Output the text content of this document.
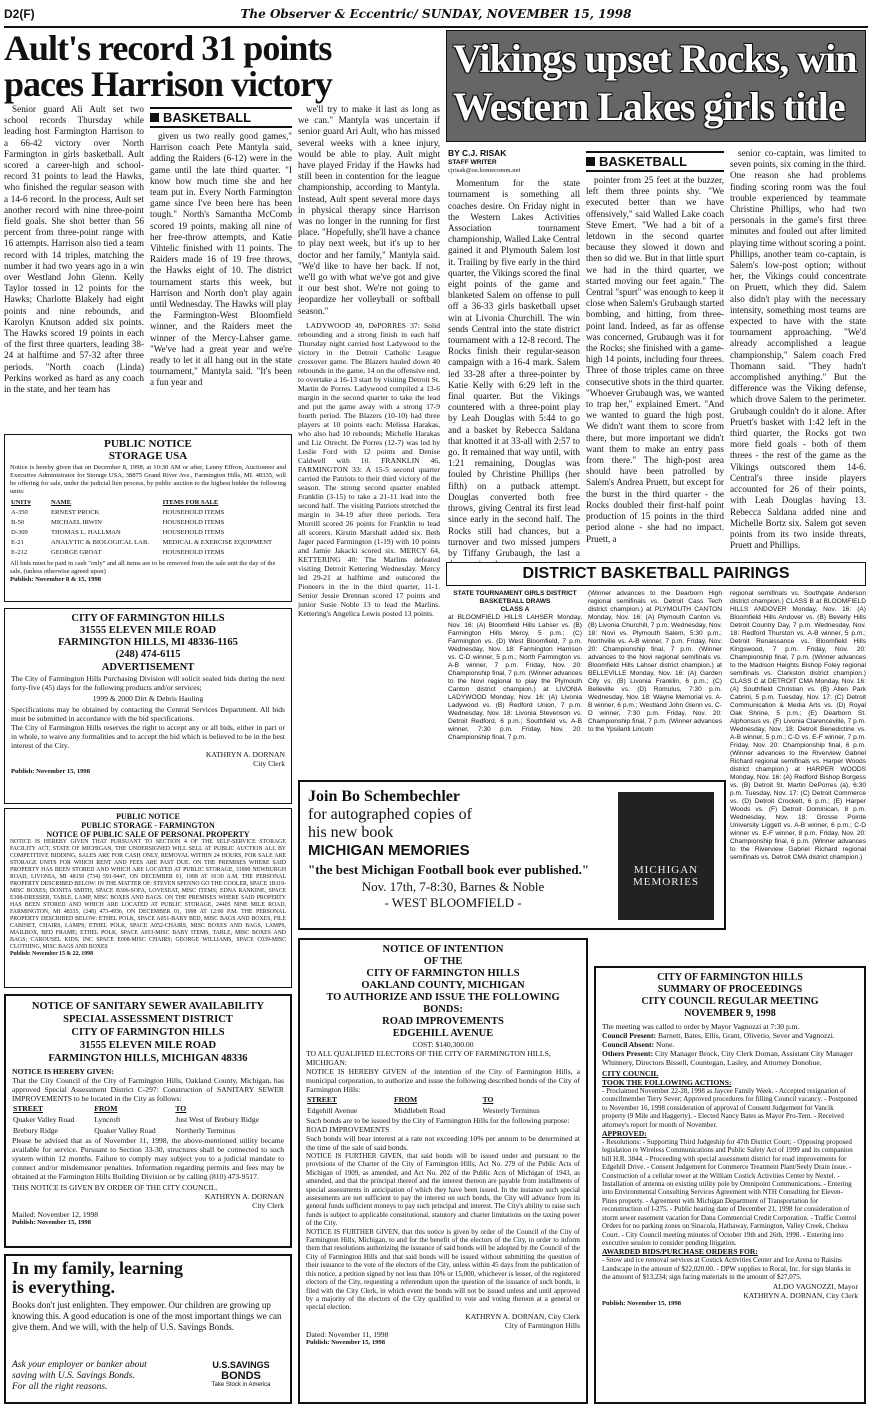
D2(F)	The Observer & Eccentric/ SUNDAY, NOVEMBER 15, 1998
Ault's record 31 points
paces Harrison victory

Senior guard Ali Ault set two school records Thursday while leading host Farmington Harrison to a 66-42 victory over North Farmington in girls basketball. Ault scored a career-high and school-record 31 points to lead the Hawks, who finished the regular season with a 14-6 record. In the process, Ault set another record with nine three-point field goals. She shot better than 56 percent from three-point range with 16 attempts. Harrison also tied a team record with 14 triples, matching the number it had two years ago in a win over Westland John Glenn. Kelly Taylor tossed in 12 points for the Hawks; Charlotte Blakely had eight points and nine rebounds, and Karolyn Knutson added six points. The Hawks scored 19 points in each of the first three quarters, leading 38-24 at halftime and 57-32 after three periods. "North coach (Linda) Perkins worked as hard as any coach in the state, and her team has

BASKETBALL

given us two really good games," Harrison coach Pete Mantyla said, adding the Raiders (6-12) were in the game until the late third quarter. "I know how much time she and her team put in. Every North Farmington game since I've been here has been tough." North's Samantha McComb scored 19 points, making all nine of her free-throw attempts, and Katie Vihtelic finished with 11 points. The Raiders made 16 of 19 free throws, the Hawks eight of 10. The district tournament starts this week, but Harrison and North don't play again until Wednesday. The Hawks will play the Farmington-West Bloomfield winner, and the Raiders meet the winner of the Mercy-Lahser game. "We've had a great year and we're ready to let it all hang out in the state tournament," Mantyla said. "It's been a fun year and

we'll try to make it last as long as we can." Mantyla was uncertain if senior guard Ari Ault, who has missed several weeks with a knee injury, would be able to play. Ault might have played Friday if the Hawks had still been in contention for the league championship, according to Mantyla. Instead, Ault spent several more days in physical therapy since Harrison was no longer in the running for first place. "Hopefully, she'll have a chance to play next week, but it's up to her doctor and her family," Mantyla said. "We'd like to have her back. If not, we'll go with what we've got and give it our best shot. We're not going to jeopardize her volleyball or softball season."

LADYWOOD 49, DePORRES 37: Solid rebounding and a strong finish in each half Thursday night carried host Ladywood to the victory in the Detroit Catholic League crossover game. The Blazers hauled down 40 rebounds in the game, 14 on the offensive end, to overtake a 16-13 start by visiting Detroit St. Martin de Porres. Ladywood compiled a 13-6 margin in the second quarter to take the lead and put the game away with a strong 17-9 fourth period. The Blazers (10-10) had three players at 10 points each: Melissa Harakas, who also had 10 rebounds; Michelle Harakas and Liz Otrecht. De Porres (12-7) was led by Leslie Ford with 12 points and Denise Caldwell with 10. FRANKLIN 46, FARMINGTON 33: A 15-5 second quarter carried the Patriots to their third victory of the season. The strong second quarter enabled Franklin (3-15) to take a 21-11 lead into the second half. The visiting Patriots stretched the margin to 34-19 after three periods. Tera Morrill scored 26 points for Franklin to lead all scorers. Kirstin Marshall added six. Beth Jager paced Farmington (1-19) with 10 points and Jamie Jakacki scored six. MERCY 64, KETTERING 40: The Marlins defeated visiting Detroit Kettering Wednesday. Mercy led 29-21 at halftime and outscored the Pioneers in the in the third quarter, 11-1. Senior Jessie Drennan scored 17 points and junior Susie Noble 13 to lead the Marlins. Kettering's Angelica Lewis posted 13 points.

Vikings upset Rocks, win
Western Lakes girls title
BY C.J. RISAK
STAFF WRITER
cjrisak@oe.homecomm.net

Momentum for the state tournament is something all coaches desire. On Friday night in the Western Lakes Activities Association tournament championship, Walled Lake Central gained it and Plymouth Salem lost it. Trailing by five early in the third quarter, the Vikings scored the final eight points of the game and blanketed Salem on offense to pull off a 36-33 girls basketball upset win at Livonia Churchill. The win sends Central into the state district tournament with a 12-8 record. The Rocks finish their regular-season campaign with a 16-4 mark. Salem led 33-28 after a three-pointer by Katie Kelly with 6:29 left in the final quarter. But the Vikings countered with a three-point play by Leah Douglas with 5:44 to go and a basket by Rebecca Saldana that knotted it at 33-all with 2:57 to go. It remained that way until, with 1:21 remaining, Douglas was fouled by Christine Phillips (her fifth) on a putback attempt. Douglas converted both free throws, giving Central its first lead since early in the second half. The Rocks still had chances, but a turnover and two missed jumpers by Tiffany Grubaugh, the last a

BASKETBALL

pointer from 25 feet at the buzzer, left them three points shy. "We executed better than we have offensively," said Walled Lake coach Steve Emert. "We had a bit of a letdown in the second quarter because they slowed it down and then so did we. But in that little spurt we had in the third quarter, we started moving our feet again." The Central "spurt" was enough to keep it close when Salem's Grubaugh started bombing, and hitting, from three-point land. Indeed, as far as offense was concerned, Grubaugh was it for the Rocks; she finished with a game-high 14 points, including four threes. Three of those triples came on three consecutive shots in the third quarter. "Whoever Grubaugh was, we wanted to trap her," explained Emert. "And we wanted to guard the high post. We didn't want them to score from there, but more important we didn't want them to make an entry pass from there." The high-post area should have been patrolled by Salem's Andrea Pruett, but except for the burst in the third quarter - the Rocks doubled their first-half point production of 15 points in the third period alone - she had no impact. Pruett, a

senior co-captain, was limited to seven points, six coming in the third. One reason she had problems finding scoring room was the foul trouble experienced by teammate Christine Phillips, who had two personals in the game's first three minutes and fouled out after limited playing time without scoring a point. Phillips, another team co-captain, is Salem's low-post option; without her, the Vikings could concentrate on Pruett, which they did. Salem also didn't play with the necessary intensity, something most teams are expected to have with the state tournament approaching. "We'd already accomplished a league championship," Salem coach Fred Thomann said. "They hadn't accomplished anything." But the difference was the Viking defense, which drove Salem to the perimeter. Grubaugh couldn't do it alone. After Pruett's basket with 1:42 left in the third quarter, the Rocks got two more field goals - both of them threes - the rest of the game as the Vikings outscored them 14-6. Central's three inside players accounted for 26 of their points, with Leah Douglas having 13. Rebecca Saldana added nine and Michelle Bortz six. Salem got seven points from its two inside threats, Pruett and Phillips.

DISTRICT BASKETBALL PAIRINGS
STATE TOURNAMENT GIRLS DISTRICT BASKETBALL DRAWS
CLASS A
at BLOOMFIELD HILLS LAHSER Monday, Nov. 16: (A) Bloomfield Hills Lahser vs. (B) Farmington Hills Mercy, 5 p.m.; (C) Farmington vs. (D) West Bloomfield, 7 p.m. Wednesday, Nov. 18: Farmington Harrison vs. C-D winner, 5 p.m.; North Farmington vs. A-B winner, 7 p.m. Friday, Nov. 20: Championship final, 7 p.m. (Winner advances to the Novi regional to play the Plymouth Canton district champion.) at LIVONIA LADYWOOD Monday, Nov. 16: (A) Livonia Ladywood vs. (B) Redford Union, 7 p.m. Wednesday, Nov. 18: Livonia Stevenson vs. Detroit Redford, 6 p.m.; Southfield vs. A-B winner, 7:30 p.m. Friday, Nov. 20: Championship final, 7 p.m.
(Winner advances to the Dearborn High regional semifinals vs. Detroit Cass Tech district champion.) at PLYMOUTH CANTON Monday, Nov. 16: (A) Plymouth Canton vs. (B) Livonia Churchill, 7 p.m. Wednesday, Nov. 18: Novi vs. Plymouth Salem, 5:30 p.m.; Northville vs. A-B winner, 7 p.m. Friday, Nov. 20: Championship final, 7 p.m. (Winner advances to the Novi regional semifinals vs. Bloomfield Hills Lahser district champion.) at BELLEVILLE Monday, Nov. 16: (A) Garden City vs. (B) Livonia Franklin, 6 p.m.; (C) Belleville vs. (D) Romulus, 7:30 p.m. Wednesday, Nov. 18: Wayne Memorial vs. A-B winner, 6 p.m.; Westland John Glenn vs. C-D winner, 7:30 p.m. Friday, Nov. 20: Championship final, 7 p.m. (Winner advances to the Ypsilanti Lincoln
regional semifinals vs. Southgate Anderson district champion.) CLASS B at BLOOMFIELD HILLS ANDOVER Monday, Nov. 16: (A) Bloomfield Hills Andover vs. (B) Beverly Hills Detroit Country Day, 7 p.m. Wednesday, Nov. 18: Redford Thurston vs. A-B winner, 5 p.m.; Detroit Renaissance vs. Bloomfield Hills Kingswood, 7 p.m. Friday, Nov. 20: Championship final, 7 p.m. (Winner advances to the Madison Heights Bishop Foley regional semifinals vs. Clarkston district champion.) CLASS C at DETROIT CMA Monday, Nov. 16: (A) Southfield Christian vs. (B) Allen Park Cabrini, 5 p.m. Tuesday, Nov. 17: (C) Detroit Communication & Media Arts vs. (D) Royal Oak Shrine, 5 p.m.; (E) Dearborn St. Alphonsus vs. (F) Livonia Clarenceville, 7 p.m. Wednesday, Nov. 18: Detroit Benedictine vs. A-B winner, 5 p.m.; C-D vs. E-F winner, 7 p.m. Friday, Nov. 20: Championship final, 6 p.m. (Winner advances to the Riverview Gabriel Richard regional semifinals vs. Harper Woods district champion.) at HARPER WOODS Monday, Nov. 16: (A) Redford Bishop Borgess vs. (B) Detroit St. Martin DePorres (a), 6:30 p.m. Tuesday, Nov. 17: (C) Detroit Commerce vs. (D) Detroit Crockett, 6 p.m.; (E) Harper Woods vs. (F) Detroit Dominican, 8 p.m. Wednesday, Nov. 18: Grosse Pointe University Liggett vs. A-B winner, 6 p.m.; C-D winner vs. E-F winner, 8 p.m. Friday, Nov. 20: Championship final, 6 p.m. (Winner advances to the Riverview Gabriel Richard regional semifinals vs. Detroit CMA district champion.)
Join Bo Schembechler
for autographed copies of
his new book
MICHIGAN MEMORIES
"the best Michigan Football book ever published."
Nov. 17th, 7-8:30, Barnes & Noble
- WEST BLOOMFIELD -
MICHIGAN
MEMORIES
PUBLIC NOTICE
STORAGE USA
Notice is hereby given that on December 8, 1998, at 10:30 AM or after, Lenny Effron, Auctioneer and Executive Administrator for Storage USA, 38875 Grand River Ave., Farmington Hills, MI. 48335, will be offering for sale, under the judicial lien process, by public auction to the highest bidder the following units:
UNIT#	NAME	ITEMS FOR SALE
A-350	ERNEST PROCK	HOUSEHOLD ITEMS
B-50	MICHAEL IRWIN	HOUSEHOLD ITEMS
D-309	THOMAS L. HALLMAN	HOUSEHOLD ITEMS
E-21	ANALYTIC & BIOLOGICAL LAB.	MEDICAL & EXERCISE EQUIPMENT
E-212	GEORGE GROAT	HOUSEHOLD ITEMS
All bids must be paid in cash "only" and all items are to be removed from the sale unit the day of the sale, (unless otherwise agreed upon)
Publish: November 8 & 15, 1998
CITY OF FARMINGTON HILLS
31555 ELEVEN MILE ROAD
FARMINGTON HILLS, MI 48336-1165
(248) 474-6115
ADVERTISEMENT
The City of Farmington Hills Purchasing Division will solicit sealed bids during the next forty-five (45) days for the following products and/or services;
1999 & 2000 Dirt & Debris Hauling
Specifications may be obtained by contacting the Central Services Department. All bids must be submitted in accordance with the bid specifications.
The City of Farmington Hills reserves the right to accept any or all bids, either in part or in whole, to waive any formalities and to accept the bid which is believed to be in the best interest of the City.
KATHRYN A. DORNAN
City Clerk
Publish: November 15, 1998
PUBLIC NOTICE
PUBLIC STORAGE - FARMINGTON
NOTICE OF PUBLIC SALE OF PERSONAL PROPERTY
NOTICE IS HEREBY GIVEN THAT PURSUANT TO SECTION 4 OF THE SELF-SERVICE STORAGE FACILITY ACT, STATE OF MICHIGAN, THE UNDERSIGNED WILL SELL AT PUBLIC AUCTION ALL BY COMPETITIVE BIDDING, SALES ARE FOR CASH ONLY, REMOVAL WITHIN 24 HOURS, FOR SALE ARE STORAGE UNITS FOR WHICH RENT AND FEES ARE PAST DUE. ON THE PREMISES WHERE SAID PROPERTY HAS BEEN STORED AND WHICH ARE LOCATED AT PUBLIC STORAGE, 31890 NEWBURGH ROAD, LIVONIA, MI 48150 (734) 591-9447, ON DECEMBER 01, 1998 AT 10:30 A.M. THE PERSONAL PROPERTY DESCRIBED BELOW: IN THE MATTER OF: STEVEN SPENNO GO THE COOLER, SPACE 1B119-MISC BOXES; DONITA SMITH, SPACE B306-SOFA, LOVESEAT, MISC ITEMS; EDNA RANKINE, SPACE E308-DRESSER, TABLE, LAMP, MISC BOXES AND BAGS. ON THE PREMISES WHERE SAID PROPERTY HAS BEEN STORED AND WHICH ARE LOCATED AT PUBLIC STORAGE, 24405 NINE MILE ROAD, FARMINGTON, MI 48335, (248) 473-4936, ON DECEMBER 01, 1998 AT 12:00 P.M. THE PERSONAL PROPERTY DESCRIBED BELOW: ETHEL POLK, SPACE A051-BABY BED, MISC BAGS AND BOXES, FILE CABINET, CHAIRS, LAMPS; ETHEL POLK, SPACE A052-CHAIRS, MISC BOXES AND BAGS, LAMPS, MAILBOX, BED FRAME; ETHEL POLK, SPACE A053-MISC BABY ITEMS, TABLE, MISC BOXES AND BAGS; CAROUSEL KIDS, INC SPACE E008-MISC CHAIRS; GEORGE WILLIAMS, SPACE C039-MISC CLOTHING, MISC BAGS AND BOXES
Publish: November 15 & 22, 1998
NOTICE OF SANITARY SEWER AVAILABILITY
SPECIAL ASSESSMENT DISTRICT
CITY OF FARMINGTON HILLS
31555 ELEVEN MILE ROAD
FARMINGTON HILLS, MICHIGAN 48336
NOTICE IS HEREBY GIVEN:
That the City Council of the City of Farmington Hills, Oakland County, Michigan, has approved Special Assessment District C-297: Construction of SANITARY SEWER IMPROVEMENTS to be located in the City as follows:
STREET	FROM	TO
Quaker Valley Road	Lyncroft	Just West of Brebury Ridge
Brebury Ridge	Quaker Valley Road	Northerly Terminus
Please be advised that as of November 11, 1998, the above-mentioned utility became available for service. Pursuant to Section 33-30, structures shall be connected to such system within 12 months. Failure to comply may subject you to a judicial mandate to connect and/or misdemeanor penalties. Information regarding permits and fees may be obtained at the Farmington Hills Building Division or by calling (810) 473-9517.
THIS NOTICE IS GIVEN BY ORDER OF THE CITY COUNCIL.
KATHRYN A. DORNAN
City Clerk
Mailed: November 12, 1998
Publish: November 15, 1998
In my family, learning
is everything.
Books don't just enlighten. They empower. Our children are growing up knowing this. A good education is one of the most important things we can give them. And we will, with the help of U.S. Savings Bonds.
Ask your employer or banker about
saving with U.S. Savings Bonds.
For all the right reasons.
U.S.SAVINGS
BONDS
Take Stock in America
NOTICE OF INTENTION
OF THE
CITY OF FARMINGTON HILLS
OAKLAND COUNTY, MICHIGAN
TO AUTHORIZE AND ISSUE THE FOLLOWING
BONDS:
ROAD IMPROVEMENTS
EDGEHILL AVENUE
COST: $140,300.00
TO ALL QUALIFIED ELECTORS OF THE CITY OF FARMINGTON HILLS, MICHIGAN:
NOTICE IS HEREBY GIVEN of the intention of the City of Farmington Hills, a municipal corporation, to authorize and issue the following described bonds of the City of Farmington Hills:
STREET	FROM	TO
Edgehill Avenue	Middlebelt Road	Westerly Terminus
Such bonds are to be issued by the City of Farmington Hills for the following purpose:
ROAD IMPROVEMENTS
Such bonds will bear interest at a rate not exceeding 10% per annum to be determined at the time of the sale of said bonds.
NOTICE IS FURTHER GIVEN, that said bonds will be issued under and pursuant to the provisions of the Charter of the City of Farmington Hills, Act No. 279 of the Public Acts of Michigan of 1909, as amended, and Act No. 202 of the Public Acts of Michigan of 1943, as amended, and that the principal thereof and the interest thereon are payable from installments of special assessments in anticipation of which they have been issued. In the instance such special assessments are not sufficient to pay the interest on such bonds, the City will advance from its general funds sufficient moneys to pay such principal and interest. The City's ability to raise such funds is subject to applicable constitutional, statutory and charter limitations on the taxing power of the City.
NOTICE IS FURTHER GIVEN, that this notice is given by order of the Council of the City of Farmington Hills, Michigan, to and for the benefit of the electors of the City, in order to inform them that resolutions authorizing the issuance of said bonds will be adopted by the Council of the City of Farmington Hills and that said bonds will be issued without submitting the question of their issuance to the vote of the electors of the City, unless within 45 days from the publication of this notice, a petition signed by not less than 10% or 15,000, whichever is lesser, of the registered electors of the City, requesting a referendum upon the question of the issuance of such bonds, is filed with the City Clerk, in which event the bonds will not be issued unless and until approved by a majority of the electors of the City qualified to vote and voting thereon at a general or special election.
KATHRYN A. DORNAN, City Clerk
City of Farmington Hills
Dated: November 11, 1998
Publish: November 15, 1998
CITY OF FARMINGTON HILLS
SUMMARY OF PROCEEDINGS
CITY COUNCIL REGULAR MEETING
NOVEMBER 9, 1998
The meeting was called to order by Mayor Vagnozzi at 7:30 p.m.
Council Present: Barnett, Bates, Ellis, Grant, Oliverio, Sever and Vagnozzi.
Council Absent: None.
Others Present: City Manager Brock, City Clerk Dornan, Assistant City Manager Whinnery, Directors Bissell, Countegan, Lasley, and Attorney Donohue.
CITY COUNCIL
TOOK THE FOLLOWING ACTIONS:
- Proclaimed November 22-28, 1998 as Jaycee Family Week. - Accepted resignation of councilmember Terry Sever; Approved procedures for filling Council vacancy. - Postponed to November 16, 1998 consideration of approval of Consent Judgement for Vancik property (9 Mile and Haggerty). - Elected Nancy Bates as Mayor Pro-Tem. - Received attorney's report for month of November.
APPROVED:
- Resolutions: - Supporting Third Judgeship for 47th District Court; - Opposing proposed legislation re Wireless Communications and Public Safety Act of 1999 and its companion bill H.R. 3844. - Proceeding with special assessment district for road improvements for Edgehill Drive. - Consent Judgement for Commerce Treatment Plant/Seely Drain issue. - Construction of a cellular tower at the William Costick Activities Center by Nextel. - Installation of antenna on existing utility pole by Omnipoint Communications. - Entering into Environmental Consulting Services Agreement with NTH Consulting for Eleven-Pines property. - Agreement with Michigan Department of Transportation for reconstruction of I-275. - Public hearing date of December 21, 1998 for consideration of storm sewer easement vacation for Dana Commercial Credit Corporation. - Traffic Control Orders for no parking zones on Sinacola, Hathaway, Farmington, Valley Creek, Chelsea Court. - City Council meeting minutes of October 19th and 26th, 1998. - Entering into executive session to consider pending litigation.
AWARDED BIDS/PURCHASE ORDERS FOR:
- Snow and ice removal services at Costick Activities Center and Ice Arena to Raisins Landscape in the amount of $22,020.00. - DPW supplies to Rocal, Inc. for sign blanks in the amount of $13,234; sign facing materials in the amount of $27,075.
ALDO VAGNOZZI, Mayor
KATHRYN A. DORNAN, City Clerk
Publish: November 15, 1998
